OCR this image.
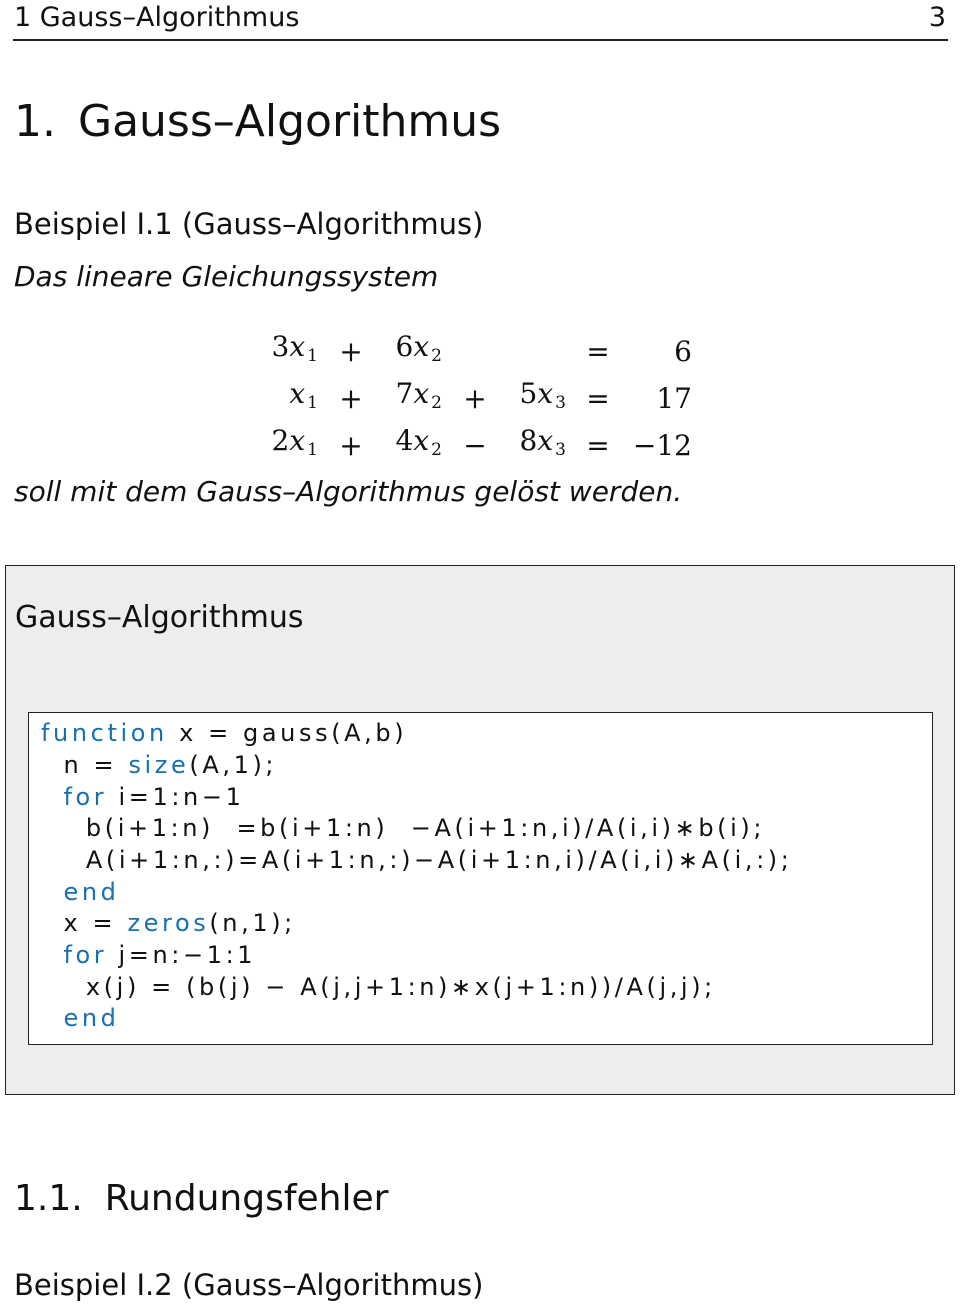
1 Gauss–Algorithmus	3
1. Gauss–Algorithmus
Beispiel I.1 (Gauss–Algorithmus)
Das lineare Gleichungssystem
3x $_1$	+	6x $_2$			=	6
x $_1$	+	7x $_2$	+	5x $_3$	=	17
2x $_1$	+	4x $_2$	−	8x $_3$	=	−12
soll mit dem Gauss–Algorithmus gelöst werden.
Gauss–Algorithmus
function x = gauss(A,b)
n = size(A,1);
for i=1:n−1
b(i+1:n)  =b(i+1:n)  −A(i+1:n,i)/A(i,i)∗b(i);
A(i+1:n,:)=A(i+1:n,:)−A(i+1:n,i)/A(i,i)∗A(i,:);
end
x = zeros(n,1);
for j=n:−1:1
x(j) = (b(j) − A(j,j+1:n)∗x(j+1:n))/A(j,j);
end
1.1. Rundungsfehler
Beispiel I.2 (Gauss–Algorithmus)
